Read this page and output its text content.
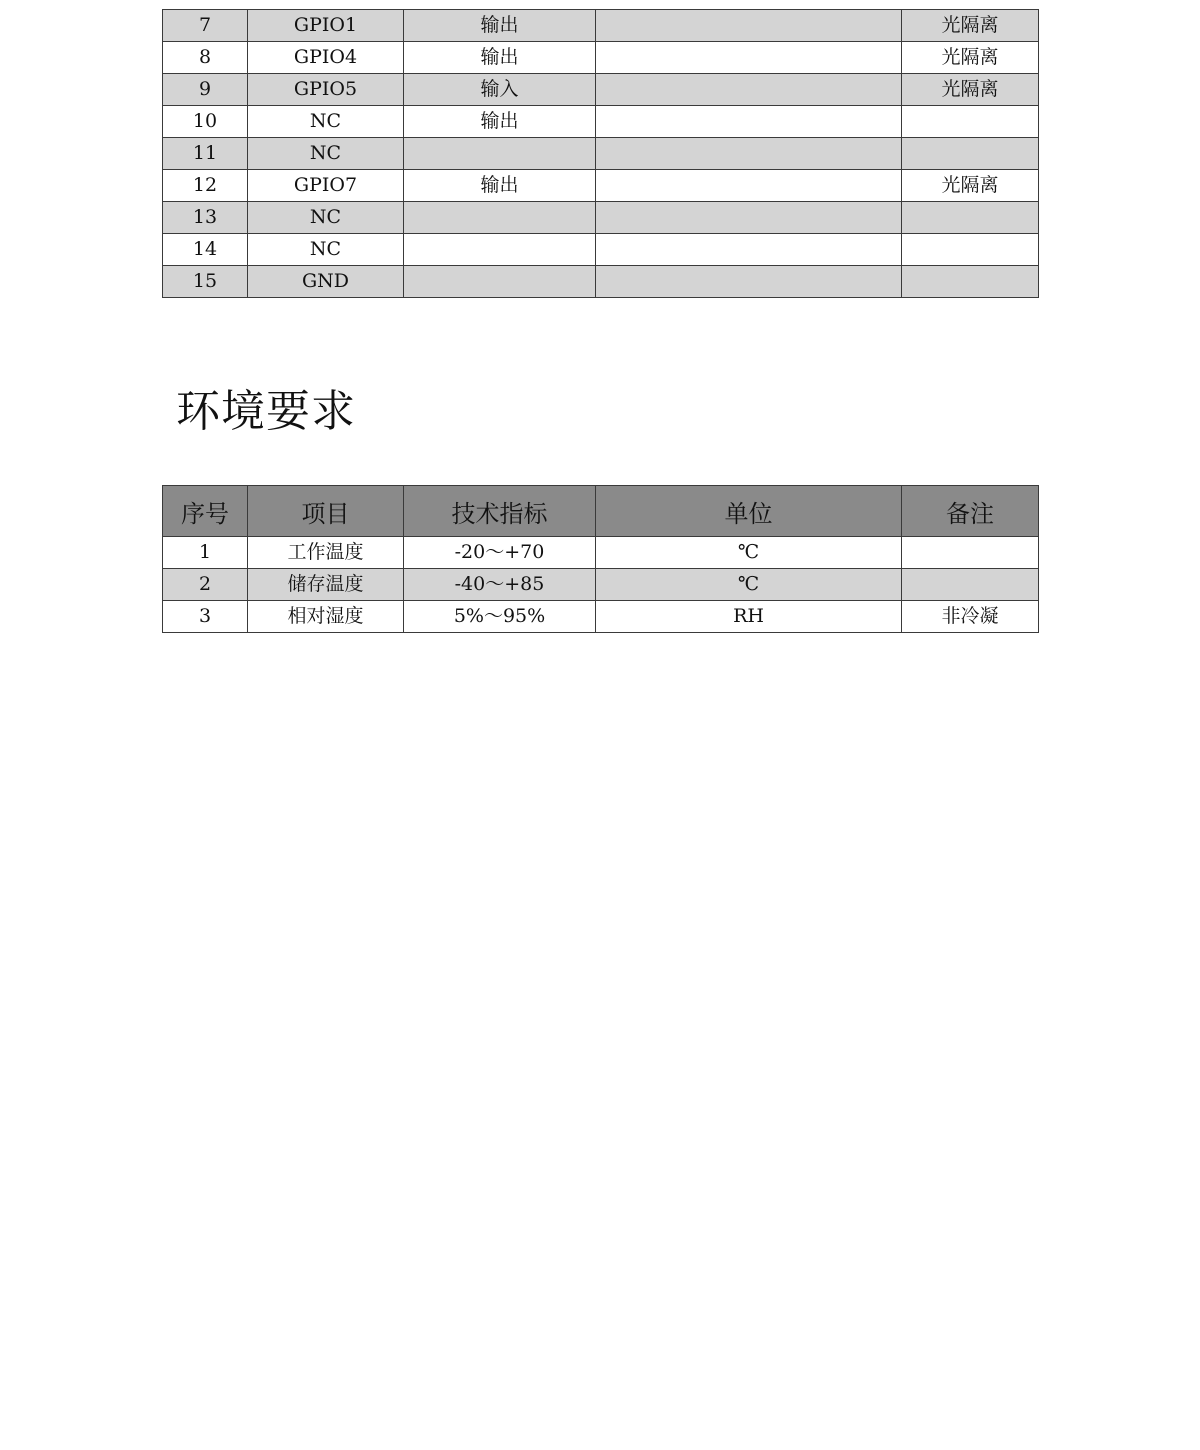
7	GPIO1	输出		光隔离
8	GPIO4	输出		光隔离
9	GPIO5	输入		光隔离
10	NC	输出		
11	NC			
12	GPIO7	输出		光隔离
13	NC			
14	NC			
15	GND			
环境要求
序号	项目	技术指标	单位	备注
1	工作温度	-20～+70	℃	
2	储存温度	-40～+85	℃	
3	相对湿度	5%～95%	RH	非冷凝
